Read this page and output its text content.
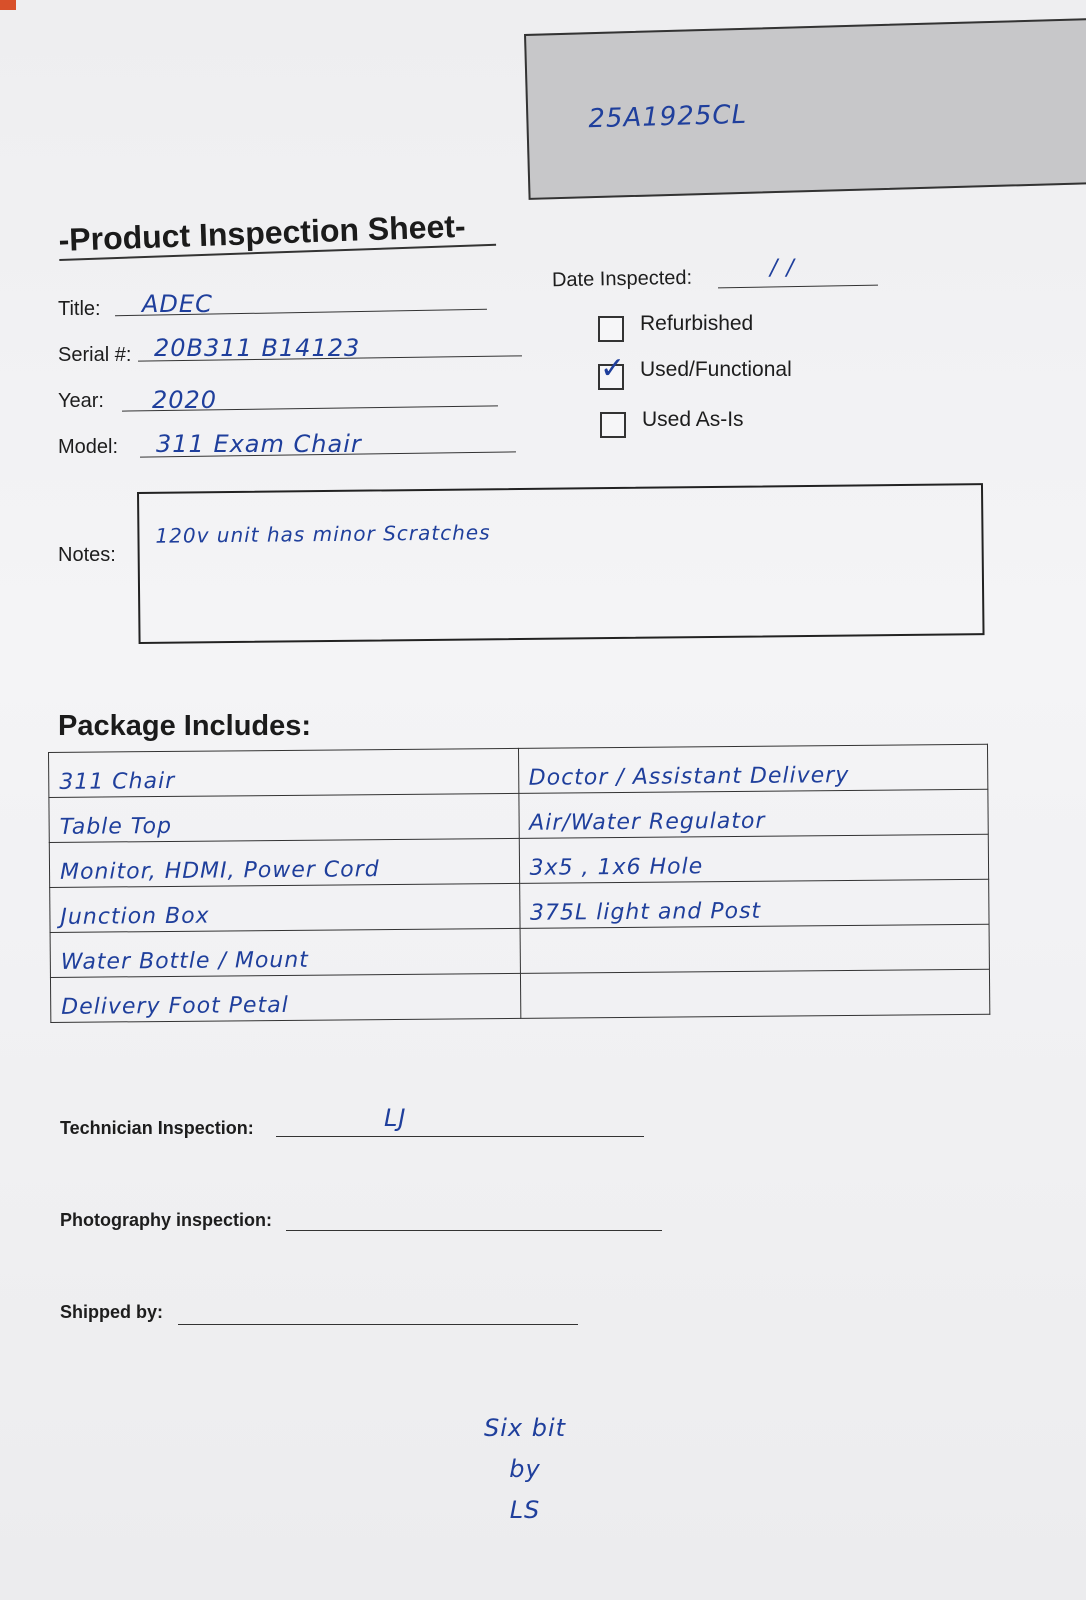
25A1925CL
-Product Inspection Sheet-
Title: ADEC
Serial #: 20B311 B14123
Year: 2020
Model: 311 Exam Chair
Date Inspected:	/ /
Refurbished
✓ Used/Functional
Used As-Is
Notes:
120v unit has minor Scratches
Package Includes:
311 Chair	Doctor / Assistant Delivery
Table Top	Air/Water Regulator
Monitor, HDMI, Power Cord	3x5 , 1x6 Hole
Junction Box	375L light and Post
Water Bottle / Mount	
Delivery Foot Petal	
Technician Inspection:	LJ
Photography inspection:
Shipped by:
Six bit
by
LS
